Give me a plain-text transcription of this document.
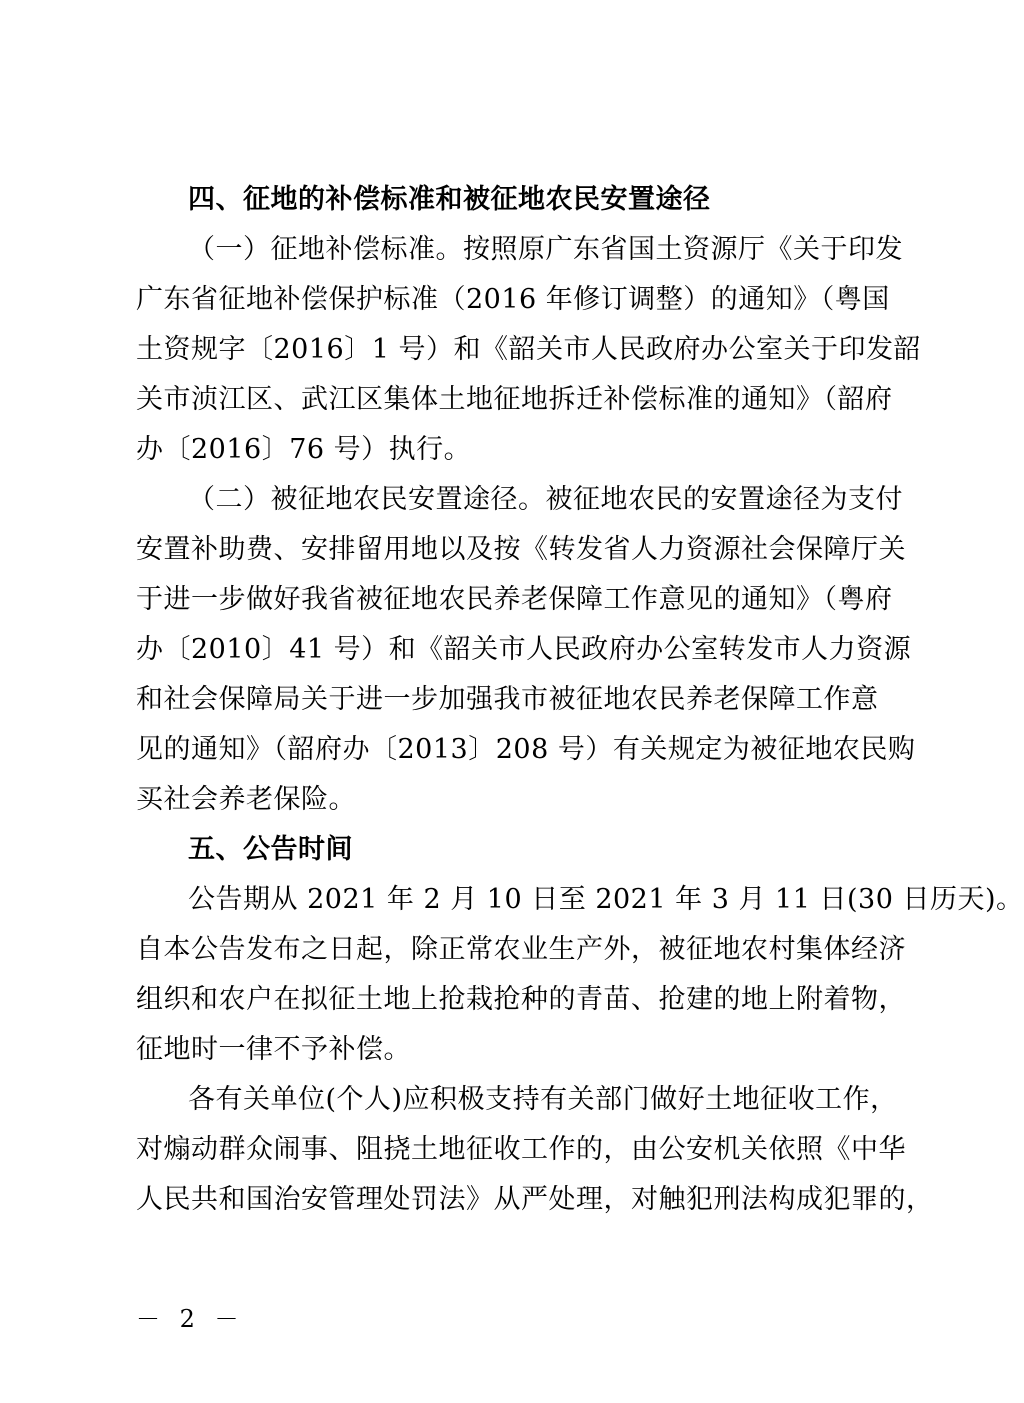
四、征地的补偿标准和被征地农民安置途径
（一）征地补偿标准。按照原广东省国土资源厅《关于印发
广东省征地补偿保护标准（2016 年修订调整）的通知》（粤国
土资规字〔2016〕1 号）和《韶关市人民政府办公室关于印发韶
关市浈江区、武江区集体土地征地拆迁补偿标准的通知》（韶府
办〔2016〕76 号）执行。
（二）被征地农民安置途径。被征地农民的安置途径为支付
安置补助费、安排留用地以及按《转发省人力资源社会保障厅关
于进一步做好我省被征地农民养老保障工作意见的通知》（粤府
办〔2010〕41 号）和《韶关市人民政府办公室转发市人力资源
和社会保障局关于进一步加强我市被征地农民养老保障工作意
见的通知》（韶府办〔2013〕208 号）有关规定为被征地农民购
买社会养老保险。
五、公告时间
公告期从 2021 年 2 月 10 日至 2021 年 3 月 11 日(30 日历天)。
自本公告发布之日起，除正常农业生产外，被征地农村集体经济
组织和农户在拟征土地上抢栽抢种的青苗、抢建的地上附着物，
征地时一律不予补偿。
各有关单位(个人)应积极支持有关部门做好土地征收工作，
对煽动群众闹事、阻挠土地征收工作的，由公安机关依照《中华
人民共和国治安管理处罚法》从严处理，对触犯刑法构成犯罪的，
－ 2 －
